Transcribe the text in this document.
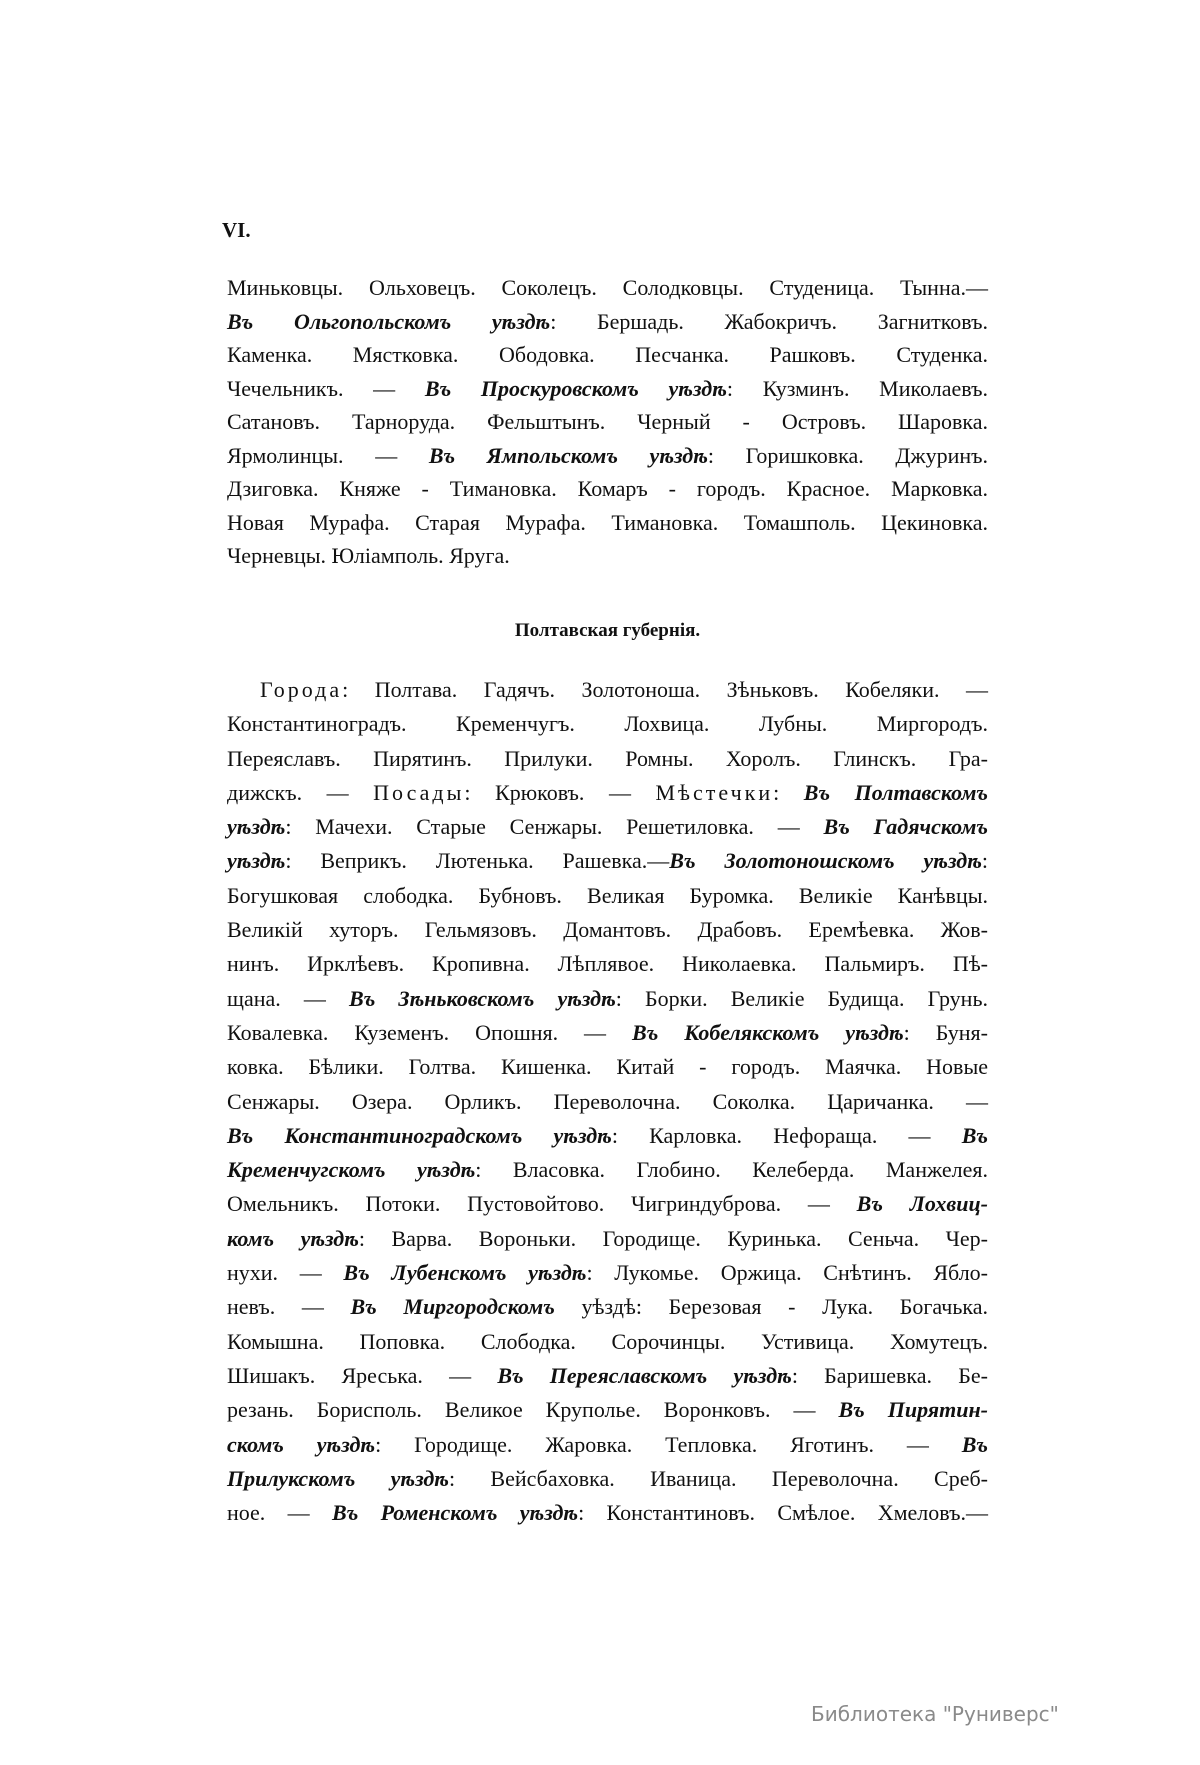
VI.
Миньковцы. Ольховецъ. Соколецъ. Солодковцы. Студеница. Тынна.—
Въ Ольгопольскомъ уѣздѣ: Бершадь. Жабокричъ. Загнитковъ.
Каменка. Мястковка. Ободовка. Песчанка. Рашковъ. Студенка.
Чечельникъ. — Въ Проскуровскомъ уѣздѣ: Кузминъ. Миколаевъ.
Сатановъ. Тарноруда. Фельштынъ. Черный - Островъ. Шаровка.
Ярмолинцы. — Въ Ямпольскомъ уѣздѣ: Горишковка. Джуринъ.
Дзиговка. Княже - Тимановка. Комаръ - городъ. Красное. Марковка.
Новая Мурафа. Старая Мурафа. Тимановка. Томашполь. Цекиновка.
Черневцы. Юліамполь. Яруга.
Полтавская губернія.
Города: Полтава. Гадячъ. Золотоноша. Зѣньковъ. Кобеляки. —
Константиноградъ. Кременчугъ. Лохвица. Лубны. Миргородъ.
Переяславъ. Пирятинъ. Прилуки. Ромны. Хоролъ. Глинскъ. Гра-
дижскъ. — Посады: Крюковъ. — Мѣстечки: Въ Полтавскомъ
уѣздѣ: Мачехи. Старые Сенжары. Решетиловка. — Въ Гадячскомъ
уѣздѣ: Веприкъ. Лютенька. Рашевка.—Въ Золотоношскомъ уѣздѣ:
Богушковая слободка. Бубновъ. Великая Буромка. Великіе Канѣвцы.
Великій хуторъ. Гельмязовъ. Домантовъ. Драбовъ. Еремѣевка. Жов-
нинъ. Ирклѣевъ. Кропивна. Лѣплявое. Николаевка. Пальмиръ. Пѣ-
щана. — Въ Зѣньковскомъ уѣздѣ: Борки. Великіе Будища. Грунь.
Ковалевка. Куземенъ. Опошня. — Въ Кобелякскомъ уѣздѣ: Буня-
ковка. Бѣлики. Голтва. Кишенка. Китай - городъ. Маячка. Новые
Сенжары. Озера. Орликъ. Переволочна. Соколка. Царичанка. —
Въ Константиноградскомъ уѣздѣ: Карловка. Нефораща. — Въ
Кременчугскомъ уѣздѣ: Власовка. Глобино. Келеберда. Манжелея.
Омельникъ. Потоки. Пустовойтово. Чигриндуброва. — Въ Лохвиц-
комъ уѣздѣ: Варва. Вороньки. Городище. Куринька. Сеньча. Чер-
нухи. — Въ Лубенскомъ уѣздѣ: Лукомье. Оржица. Снѣтинъ. Ябло-
невъ. — Въ Миргородскомъ уѣздѣ: Березовая - Лука. Богачька.
Комышна. Поповка. Слободка. Сорочинцы. Устивица. Хомутецъ.
Шишакъ. Яреська. — Въ Переяславскомъ уѣздѣ: Баришевка. Бе-
резань. Борисполь. Великое Круполье. Воронковъ. — Въ Пирятин-
скомъ уѣздѣ: Городище. Жаровка. Тепловка. Яготинъ. — Въ
Прилукскомъ уѣздѣ: Вейсбаховка. Иваница. Переволочна. Среб-
ное. — Въ Роменскомъ уѣздѣ: Константиновъ. Смѣлое. Хмеловъ.—
Библиотека "Руниверс"
